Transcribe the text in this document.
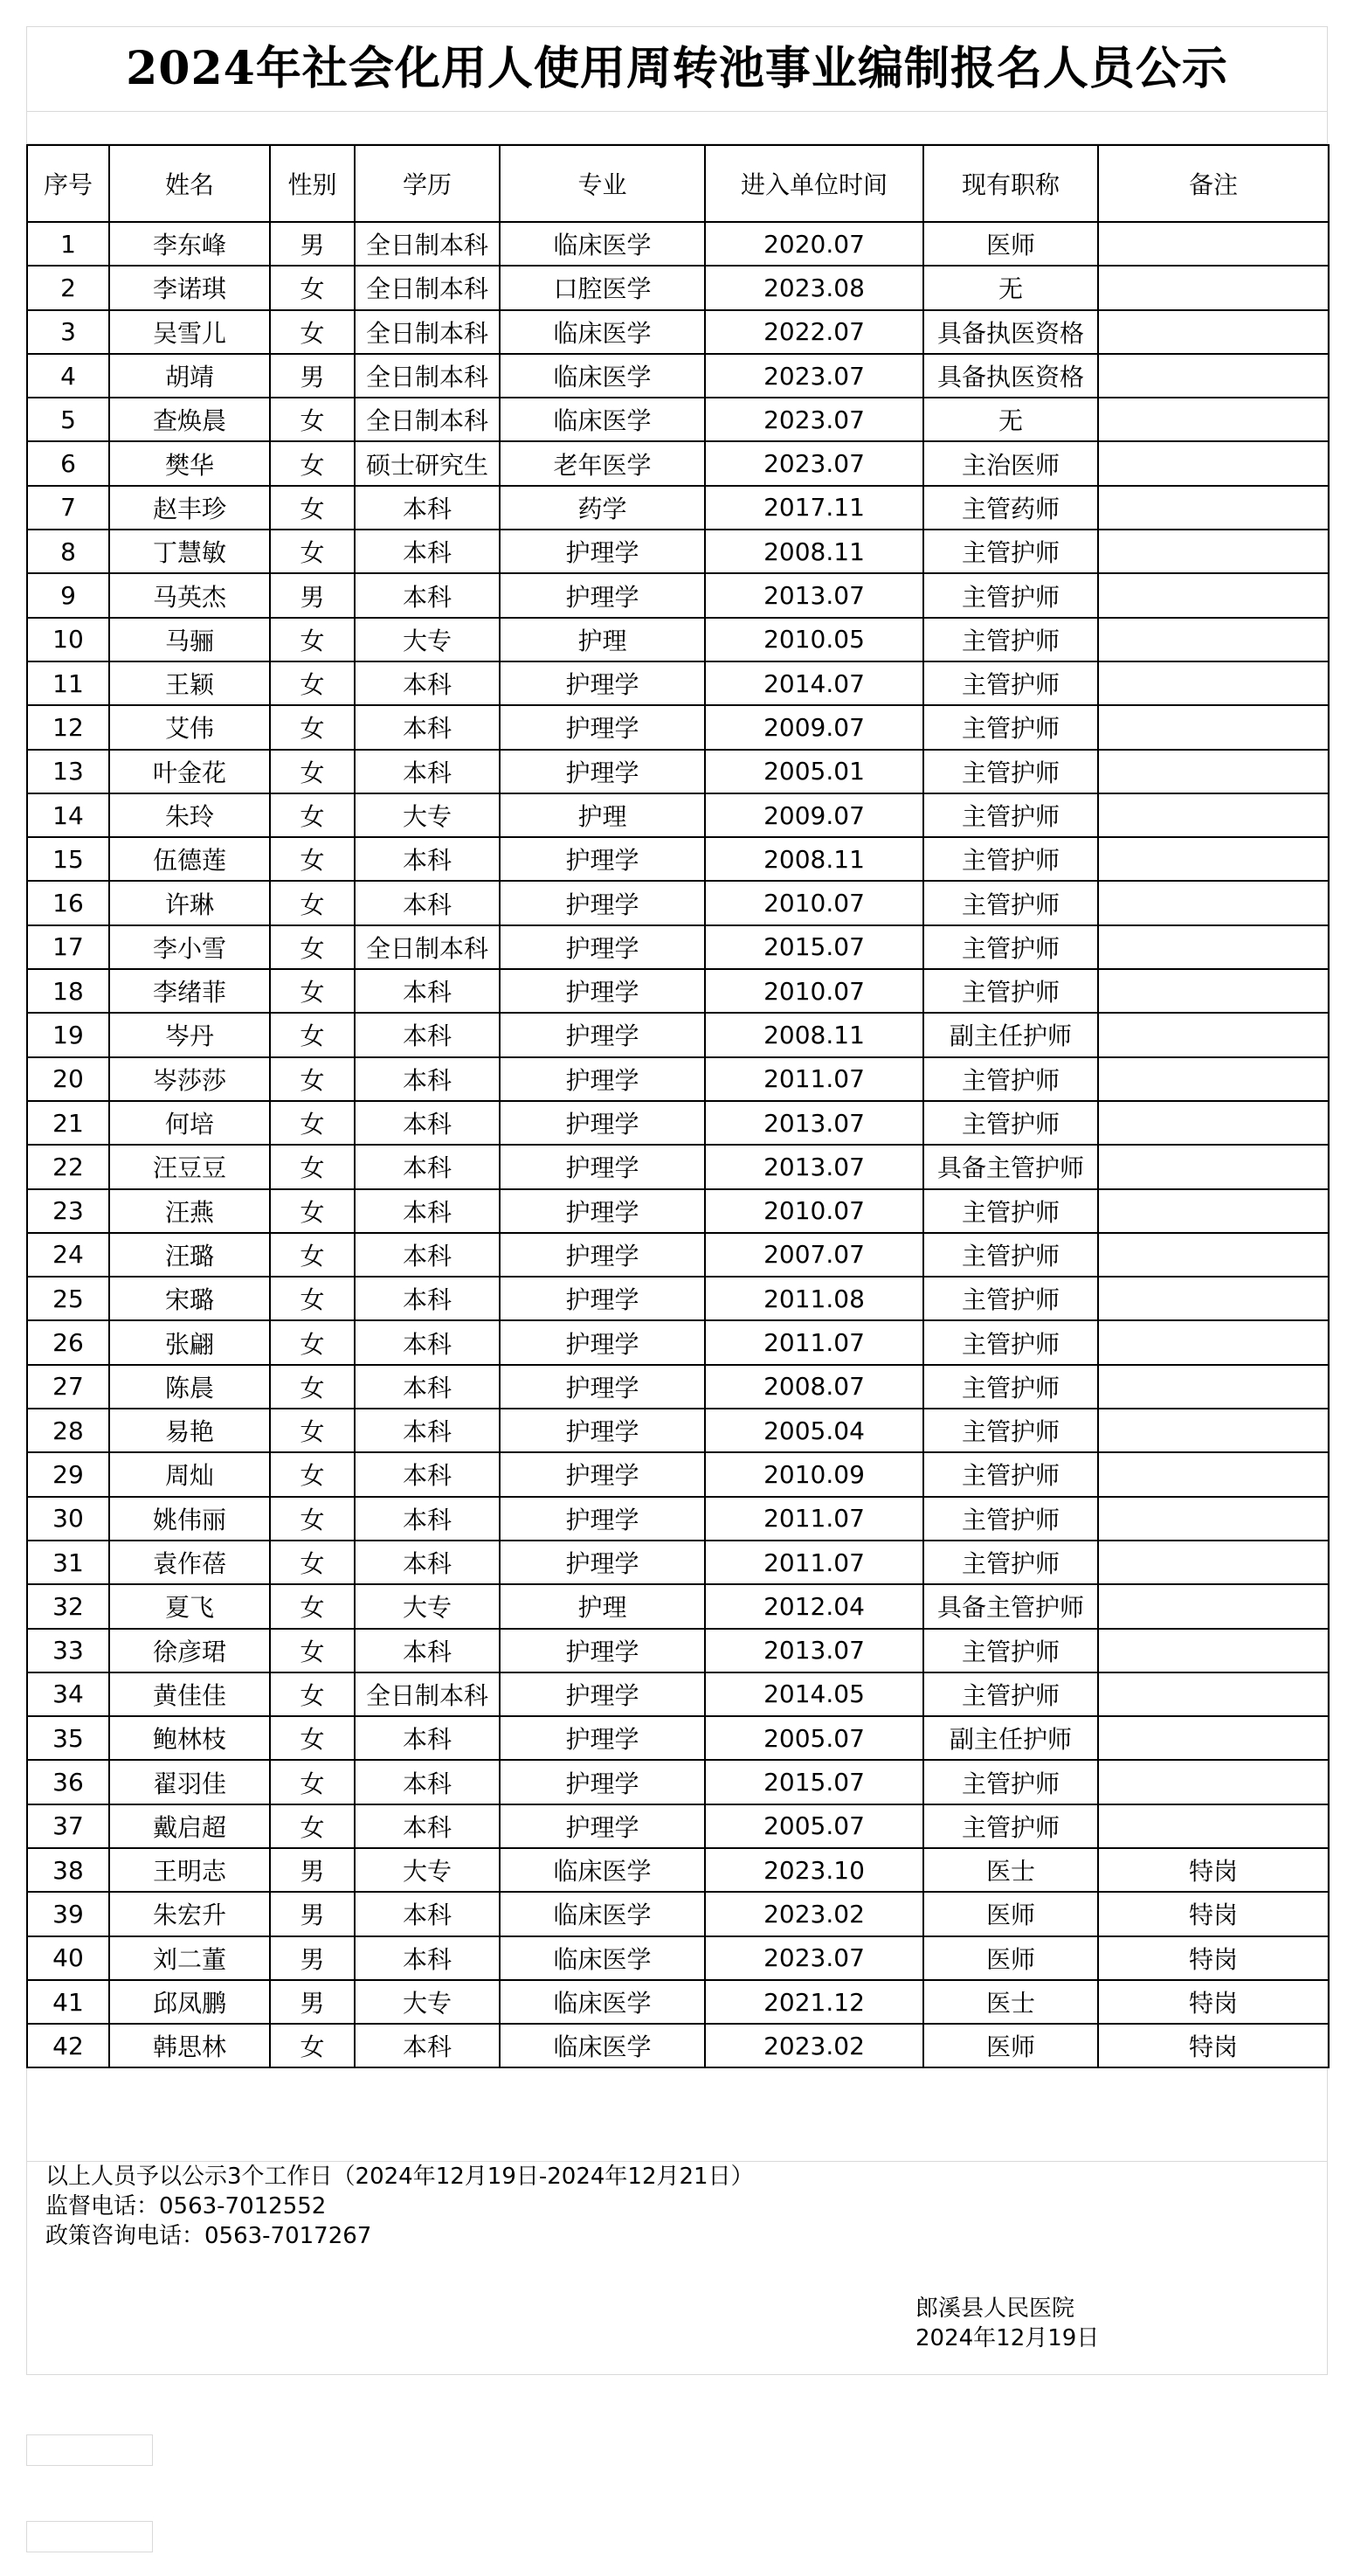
2024年社会化用人使用周转池事业编制报名人员公示
序号	姓名	性别	学历	专业	进入单位时间	现有职称	备注
1	李东峰	男	全日制本科	临床医学	2020.07	医师	
2	李诺琪	女	全日制本科	口腔医学	2023.08	无	
3	吴雪儿	女	全日制本科	临床医学	2022.07	具备执医资格	
4	胡靖	男	全日制本科	临床医学	2023.07	具备执医资格	
5	查焕晨	女	全日制本科	临床医学	2023.07	无	
6	樊华	女	硕士研究生	老年医学	2023.07	主治医师	
7	赵丰珍	女	本科	药学	2017.11	主管药师	
8	丁慧敏	女	本科	护理学	2008.11	主管护师	
9	马英杰	男	本科	护理学	2013.07	主管护师	
10	马骊	女	大专	护理	2010.05	主管护师	
11	王颖	女	本科	护理学	2014.07	主管护师	
12	艾伟	女	本科	护理学	2009.07	主管护师	
13	叶金花	女	本科	护理学	2005.01	主管护师	
14	朱玲	女	大专	护理	2009.07	主管护师	
15	伍德莲	女	本科	护理学	2008.11	主管护师	
16	许琳	女	本科	护理学	2010.07	主管护师	
17	李小雪	女	全日制本科	护理学	2015.07	主管护师	
18	李绪菲	女	本科	护理学	2010.07	主管护师	
19	岑丹	女	本科	护理学	2008.11	副主任护师	
20	岑莎莎	女	本科	护理学	2011.07	主管护师	
21	何培	女	本科	护理学	2013.07	主管护师	
22	汪豆豆	女	本科	护理学	2013.07	具备主管护师	
23	汪燕	女	本科	护理学	2010.07	主管护师	
24	汪璐	女	本科	护理学	2007.07	主管护师	
25	宋璐	女	本科	护理学	2011.08	主管护师	
26	张翩	女	本科	护理学	2011.07	主管护师	
27	陈晨	女	本科	护理学	2008.07	主管护师	
28	易艳	女	本科	护理学	2005.04	主管护师	
29	周灿	女	本科	护理学	2010.09	主管护师	
30	姚伟丽	女	本科	护理学	2011.07	主管护师	
31	袁作蓓	女	本科	护理学	2011.07	主管护师	
32	夏飞	女	大专	护理	2012.04	具备主管护师	
33	徐彦珺	女	本科	护理学	2013.07	主管护师	
34	黄佳佳	女	全日制本科	护理学	2014.05	主管护师	
35	鲍林枝	女	本科	护理学	2005.07	副主任护师	
36	翟羽佳	女	本科	护理学	2015.07	主管护师	
37	戴启超	女	本科	护理学	2005.07	主管护师	
38	王明志	男	大专	临床医学	2023.10	医士	特岗
39	朱宏升	男	本科	临床医学	2023.02	医师	特岗
40	刘二董	男	本科	临床医学	2023.07	医师	特岗
41	邱凤鹏	男	大专	临床医学	2021.12	医士	特岗
42	韩思林	女	本科	临床医学	2023.02	医师	特岗
以上人员予以公示3个工作日（2024年12月19日-2024年12月21日）
监督电话：0563-7012552
政策咨询电话：0563-7017267
郎溪县人民医院
2024年12月19日
